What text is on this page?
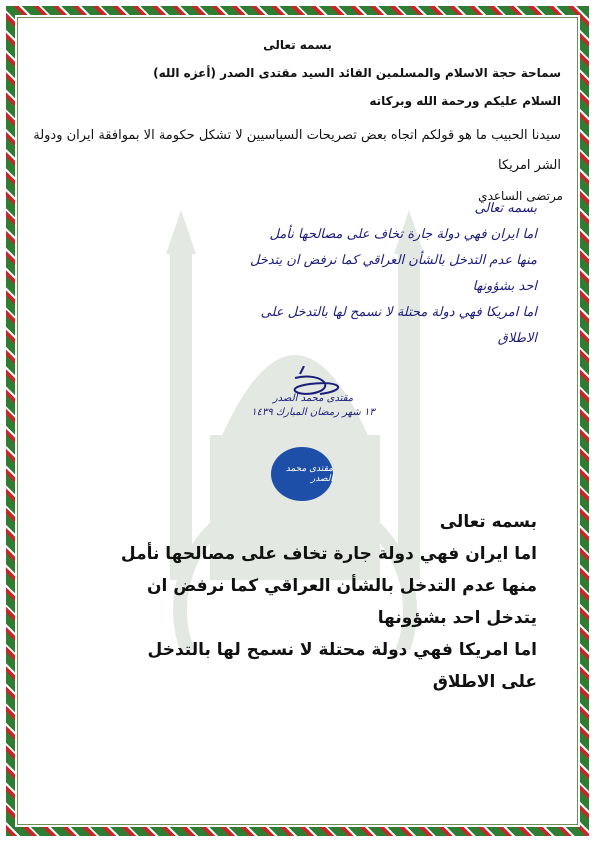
بسمه تعالى
سماحة حجة الاسلام والمسلمين القائد السيد مقتدى الصدر (أعزه الله)
السلام عليكم ورحمة الله وبركاته
سيدنا الحبيب ما هو قولكم اتجاه بعض تصريحات السياسيين لا تشكل حكومة الا بموافقة ايران ودولة الشر امريكا
مرتضى الساعدي
بسمه تعالى
اما ايران فهي دولة جارة تخاف على مصالحها نأمل
منها عدم التدخل بالشأن العراقي كما نرفض ان يتدخل
احد بشؤونها
اما امريكا فهي دولة محتلة لا نسمح لها بالتدخل على
الاطلاق
مقتدى محمد الصدر
١٣ شهر رمضان المبارك ١٤٣٩
مقتدى محمد الصدر
بسمه تعالى
اما ايران فهي دولة جارة تخاف على مصالحها نأمل
منها عدم التدخل بالشأن العراقي كما نرفض ان
يتدخل احد بشؤونها
اما امريكا فهي دولة محتلة لا نسمح لها بالتدخل
على الاطلاق
